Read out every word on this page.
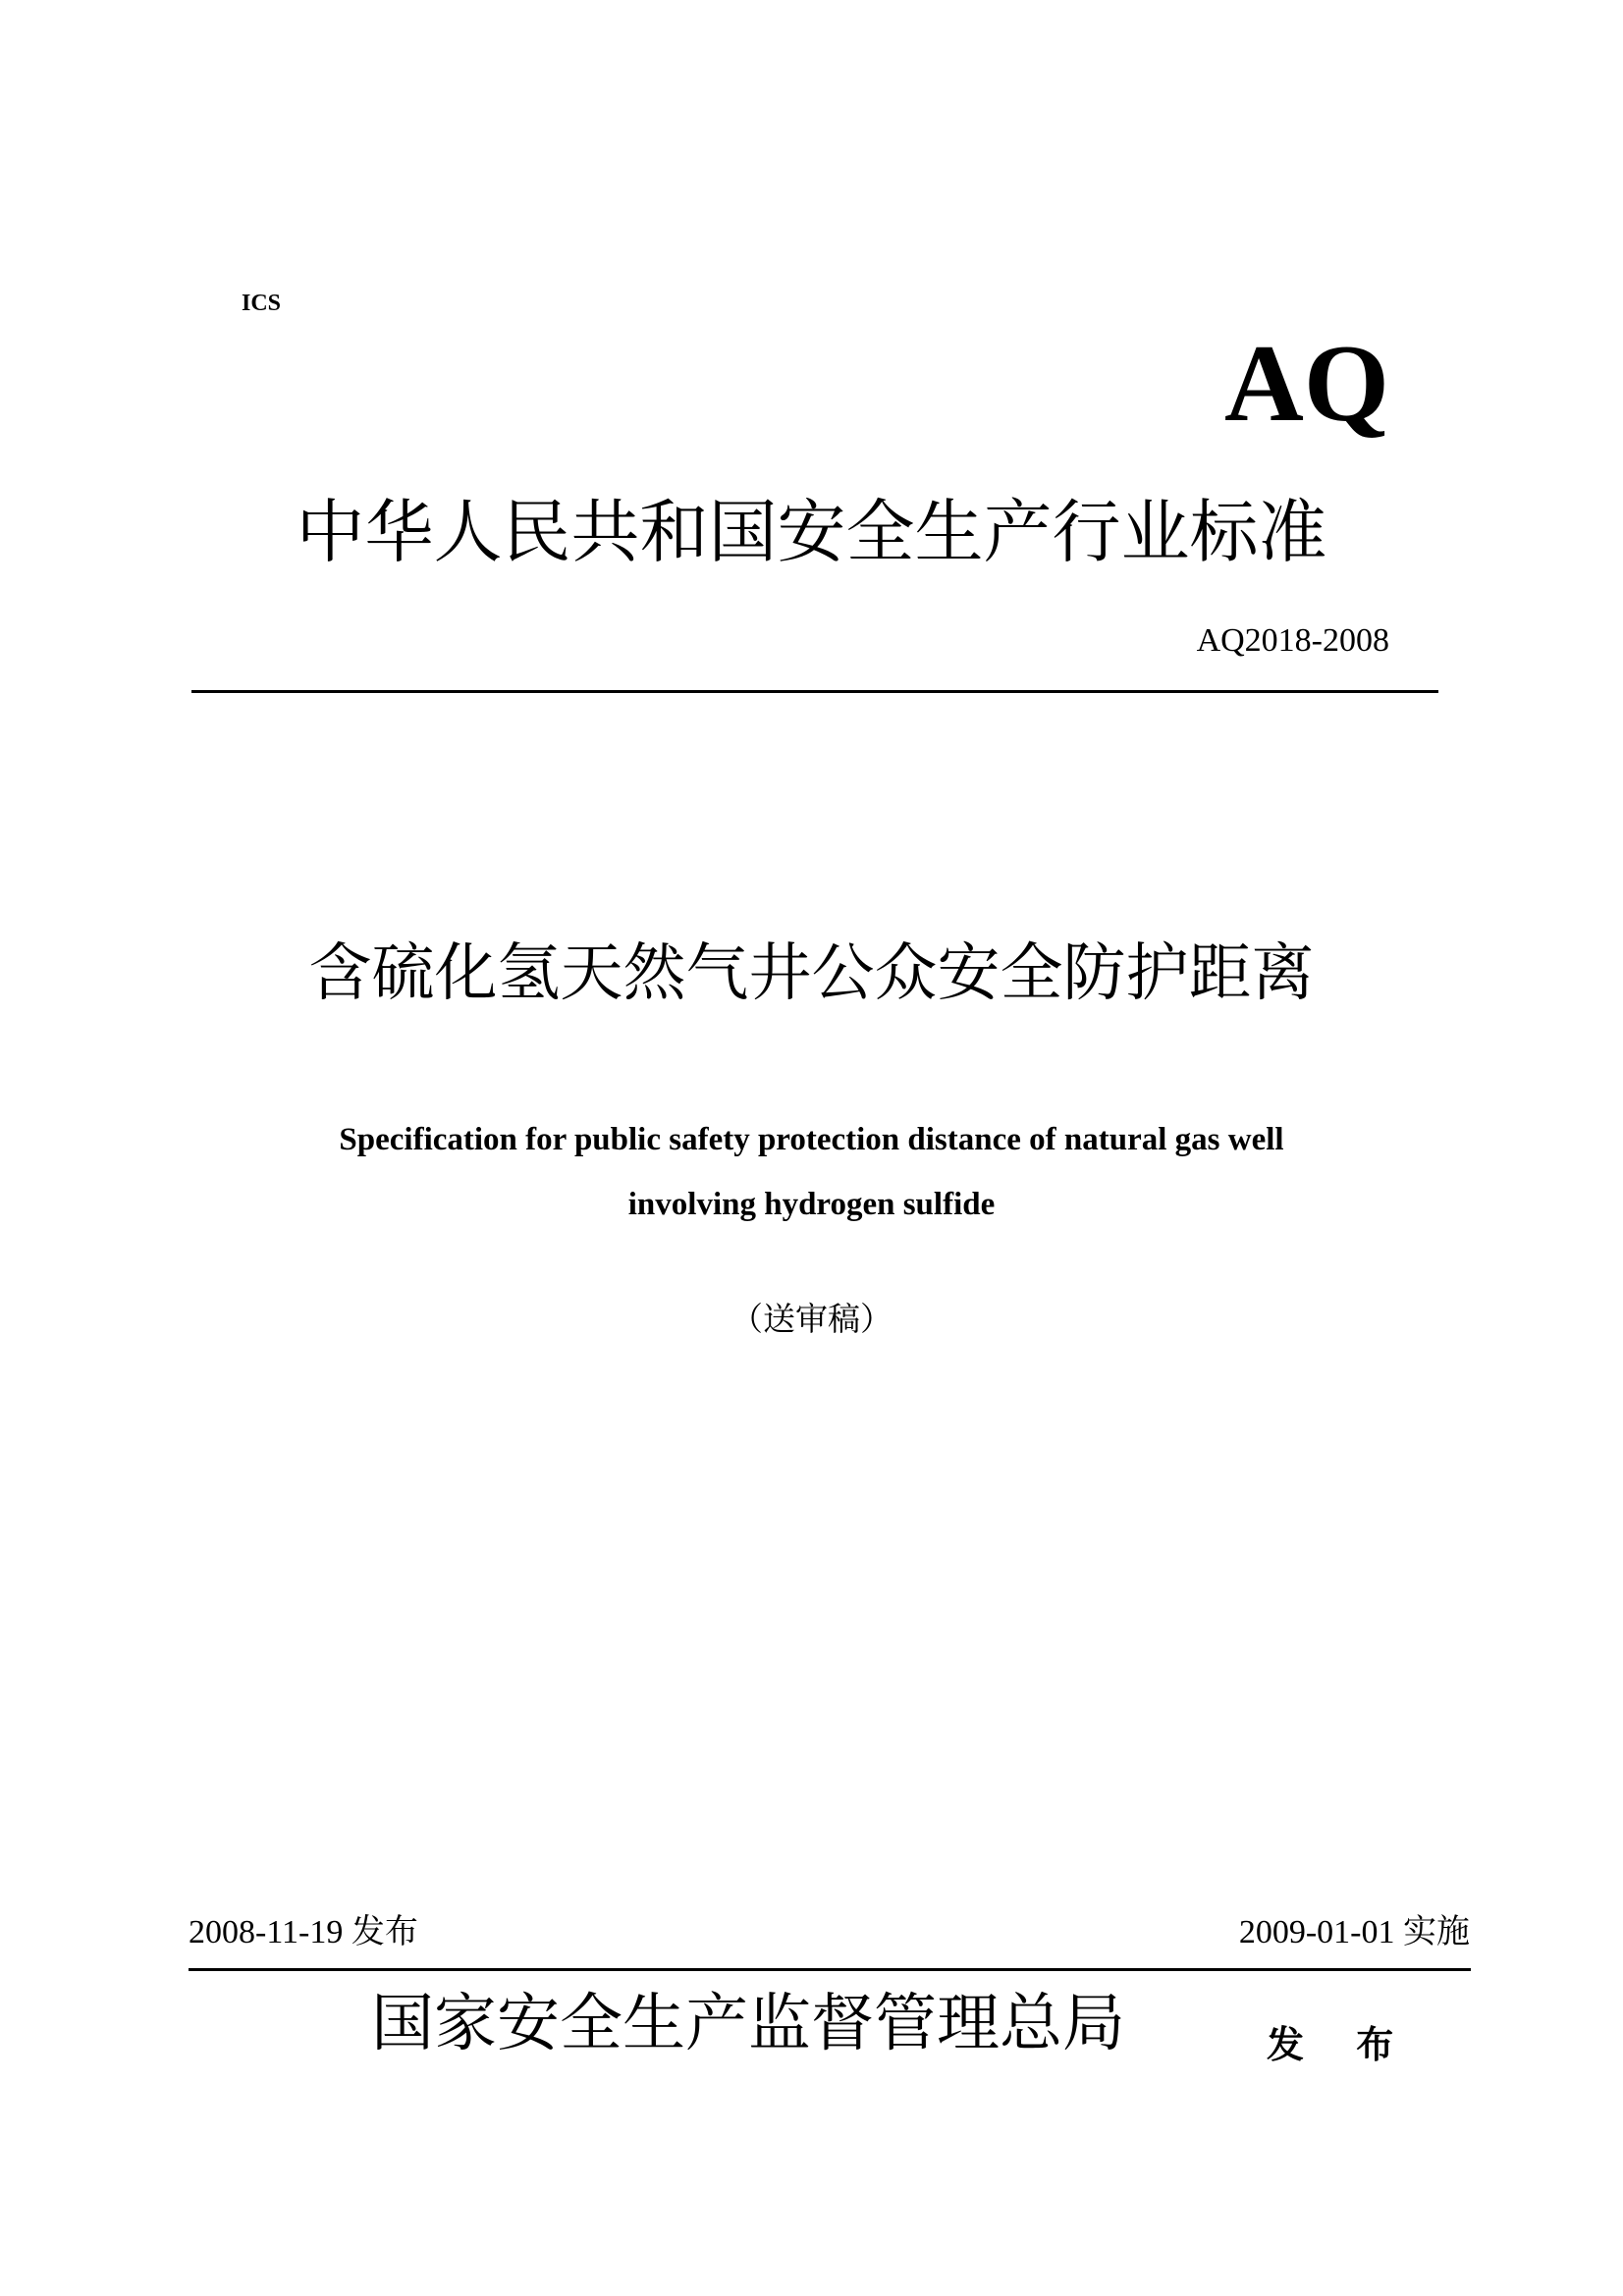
ICS
AQ
中华人民共和国安全生产行业标准
AQ2018-2008
含硫化氢天然气井公众安全防护距离
Specification for public safety protection distance of natural gas well
involving hydrogen sulfide
（送审稿）
2008-11-19 发布	2009-01-01 实施
国家安全生产监督管理总局	发 布
